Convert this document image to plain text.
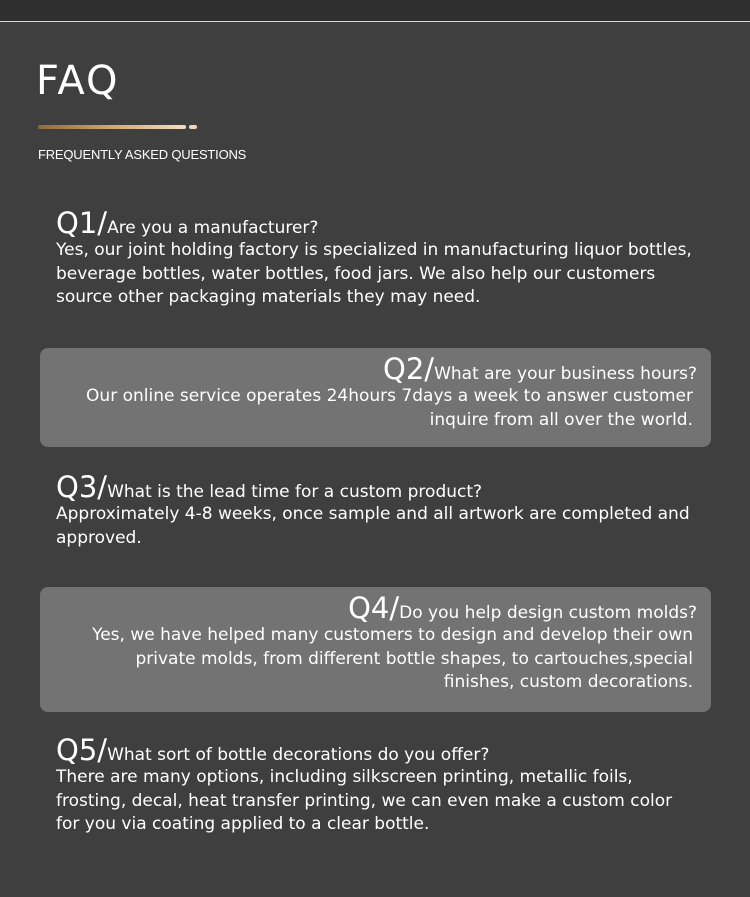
FAQ

FREQUENTLY ASKED QUESTIONS

Q1/Are you a manufacturer?

Yes, our joint holding factory is specialized in manufacturing liquor bottles, beverage bottles, water bottles, food jars. We also help our customers source other packaging materials they may need.

Q2/What are your business hours?

Our online service operates 24hours 7days a week to answer customer inquire from all over the world.

Q3/What is the lead time for a custom product?

Approximately 4-8 weeks, once sample and all artwork are completed and approved.

Q4/Do you help design custom molds?

Yes, we have helped many customers to design and develop their own private molds, from different bottle shapes, to cartouches,special finishes, custom decorations.

Q5/What sort of bottle decorations do you offer?

There are many options, including silkscreen printing, metallic foils, frosting, decal, heat transfer printing, we can even make a custom color for you via coating applied to a clear bottle.
